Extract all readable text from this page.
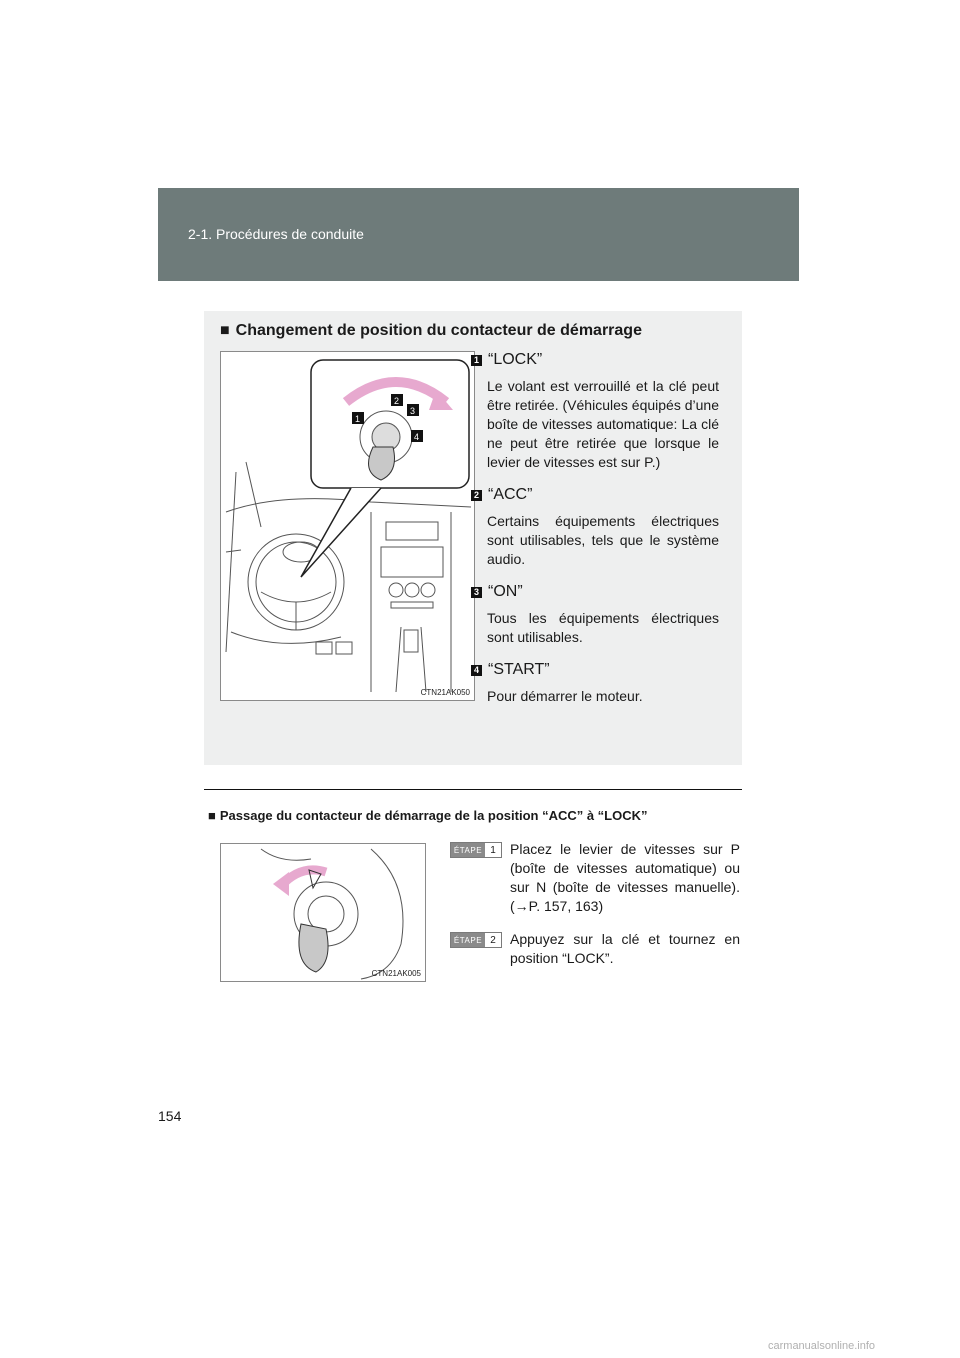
2-1. Procédures de conduite
■ Changement de position du contacteur de démarrage
1
2
3
4
CTN21AK050
1 “LOCK”
Le volant est verrouillé et la clé peut être retirée. (Véhicules équipés d’une boîte de vitesses automatique: La clé ne peut être retirée que lorsque le levier de vitesses est sur P.)
2 “ACC”
Certains équipements électriques sont utilisables, tels que le système audio.
3 “ON”
Tous les équipements électriques sont utilisables.
4 “START”
Pour démarrer le moteur.
■ Passage du contacteur de démarrage de la position “ACC” à “LOCK”
CTN21AK005
ÉTAPE 1	Placez le levier de vitesses sur P (boîte de vitesses automatique) ou sur N (boîte de vitesses manuelle). (→P. 157, 163)
ÉTAPE 2	Appuyez sur la clé et tournez en position “LOCK”.
154
carmanualsonline.info
